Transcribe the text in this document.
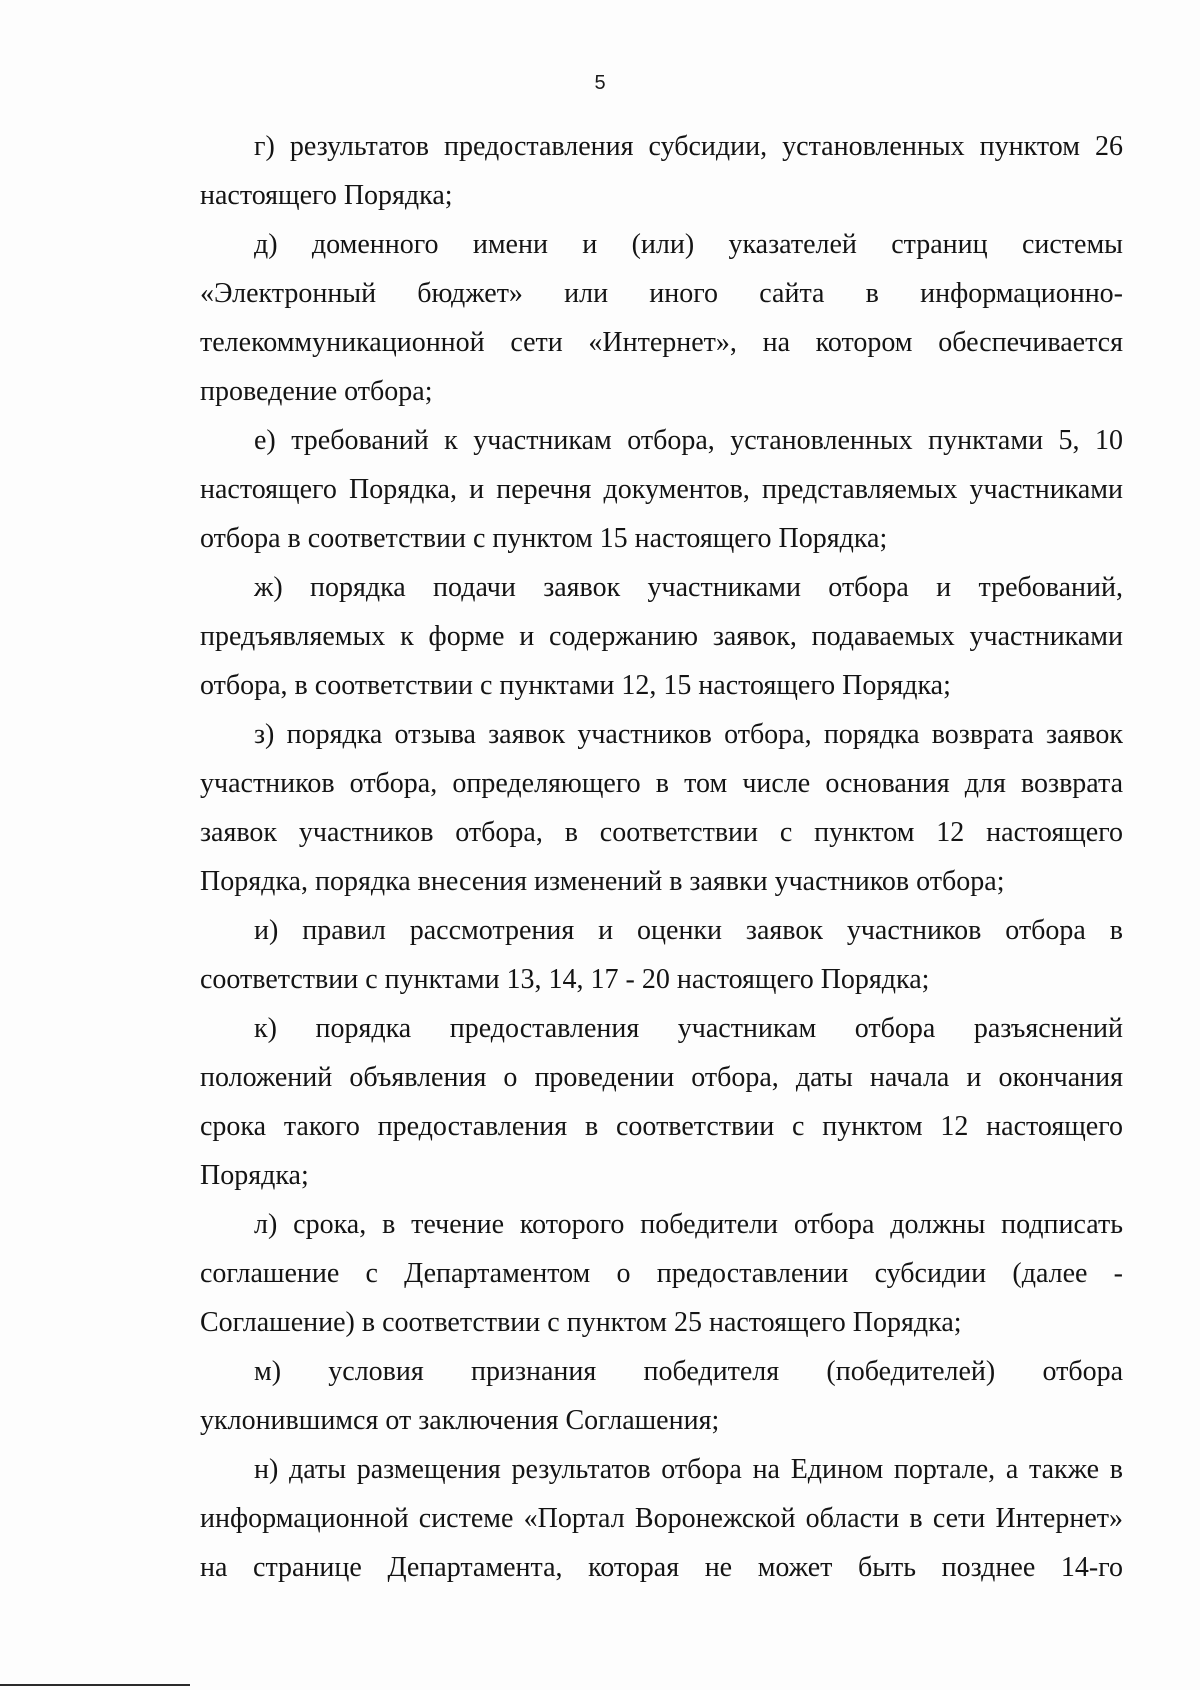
5
г) результатов предоставления субсидии, установленных пунктом 26
настоящего Порядка;
д) доменного имени и (или) указателей страниц системы
«Электронный бюджет» или иного сайта в информационно-
телекоммуникационной сети «Интернет», на котором обеспечивается
проведение отбора;
е) требований к участникам отбора, установленных пунктами 5, 10
настоящего Порядка, и перечня документов, представляемых участниками
отбора в соответствии с пунктом 15 настоящего Порядка;
ж) порядка подачи заявок участниками отбора и требований,
предъявляемых к форме и содержанию заявок, подаваемых участниками
отбора, в соответствии с пунктами 12, 15 настоящего Порядка;
з) порядка отзыва заявок участников отбора, порядка возврата заявок
участников отбора, определяющего в том числе основания для возврата
заявок участников отбора, в соответствии с пунктом 12 настоящего
Порядка, порядка внесения изменений в заявки участников отбора;
и) правил рассмотрения и оценки заявок участников отбора в
соответствии с пунктами 13, 14, 17 - 20 настоящего Порядка;
к) порядка предоставления участникам отбора разъяснений
положений объявления о проведении отбора, даты начала и окончания
срока такого предоставления в соответствии с пунктом 12 настоящего
Порядка;
л) срока, в течение которого победители отбора должны подписать
соглашение с Департаментом о предоставлении субсидии (далее -
Соглашение) в соответствии с пунктом 25 настоящего Порядка;
м) условия признания победителя (победителей) отбора
уклонившимся от заключения Соглашения;
н) даты размещения результатов отбора на Едином портале, а также в
информационной системе «Портал Воронежской области в сети Интернет»
на странице Департамента, которая не может быть позднее 14-го
